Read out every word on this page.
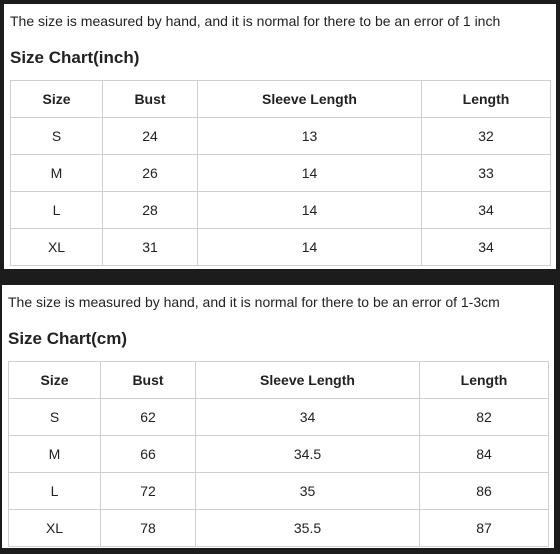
The size is measured by hand, and it is normal for there to be an error of 1 inch
Size Chart(inch)
Size	Bust	Sleeve Length	Length
S	24	13	32
M	26	14	33
L	28	14	34
XL	31	14	34
The size is measured by hand, and it is normal for there to be an error of 1-3cm
Size Chart(cm)
Size	Bust	Sleeve Length	Length
S	62	34	82
M	66	34.5	84
L	72	35	86
XL	78	35.5	87
